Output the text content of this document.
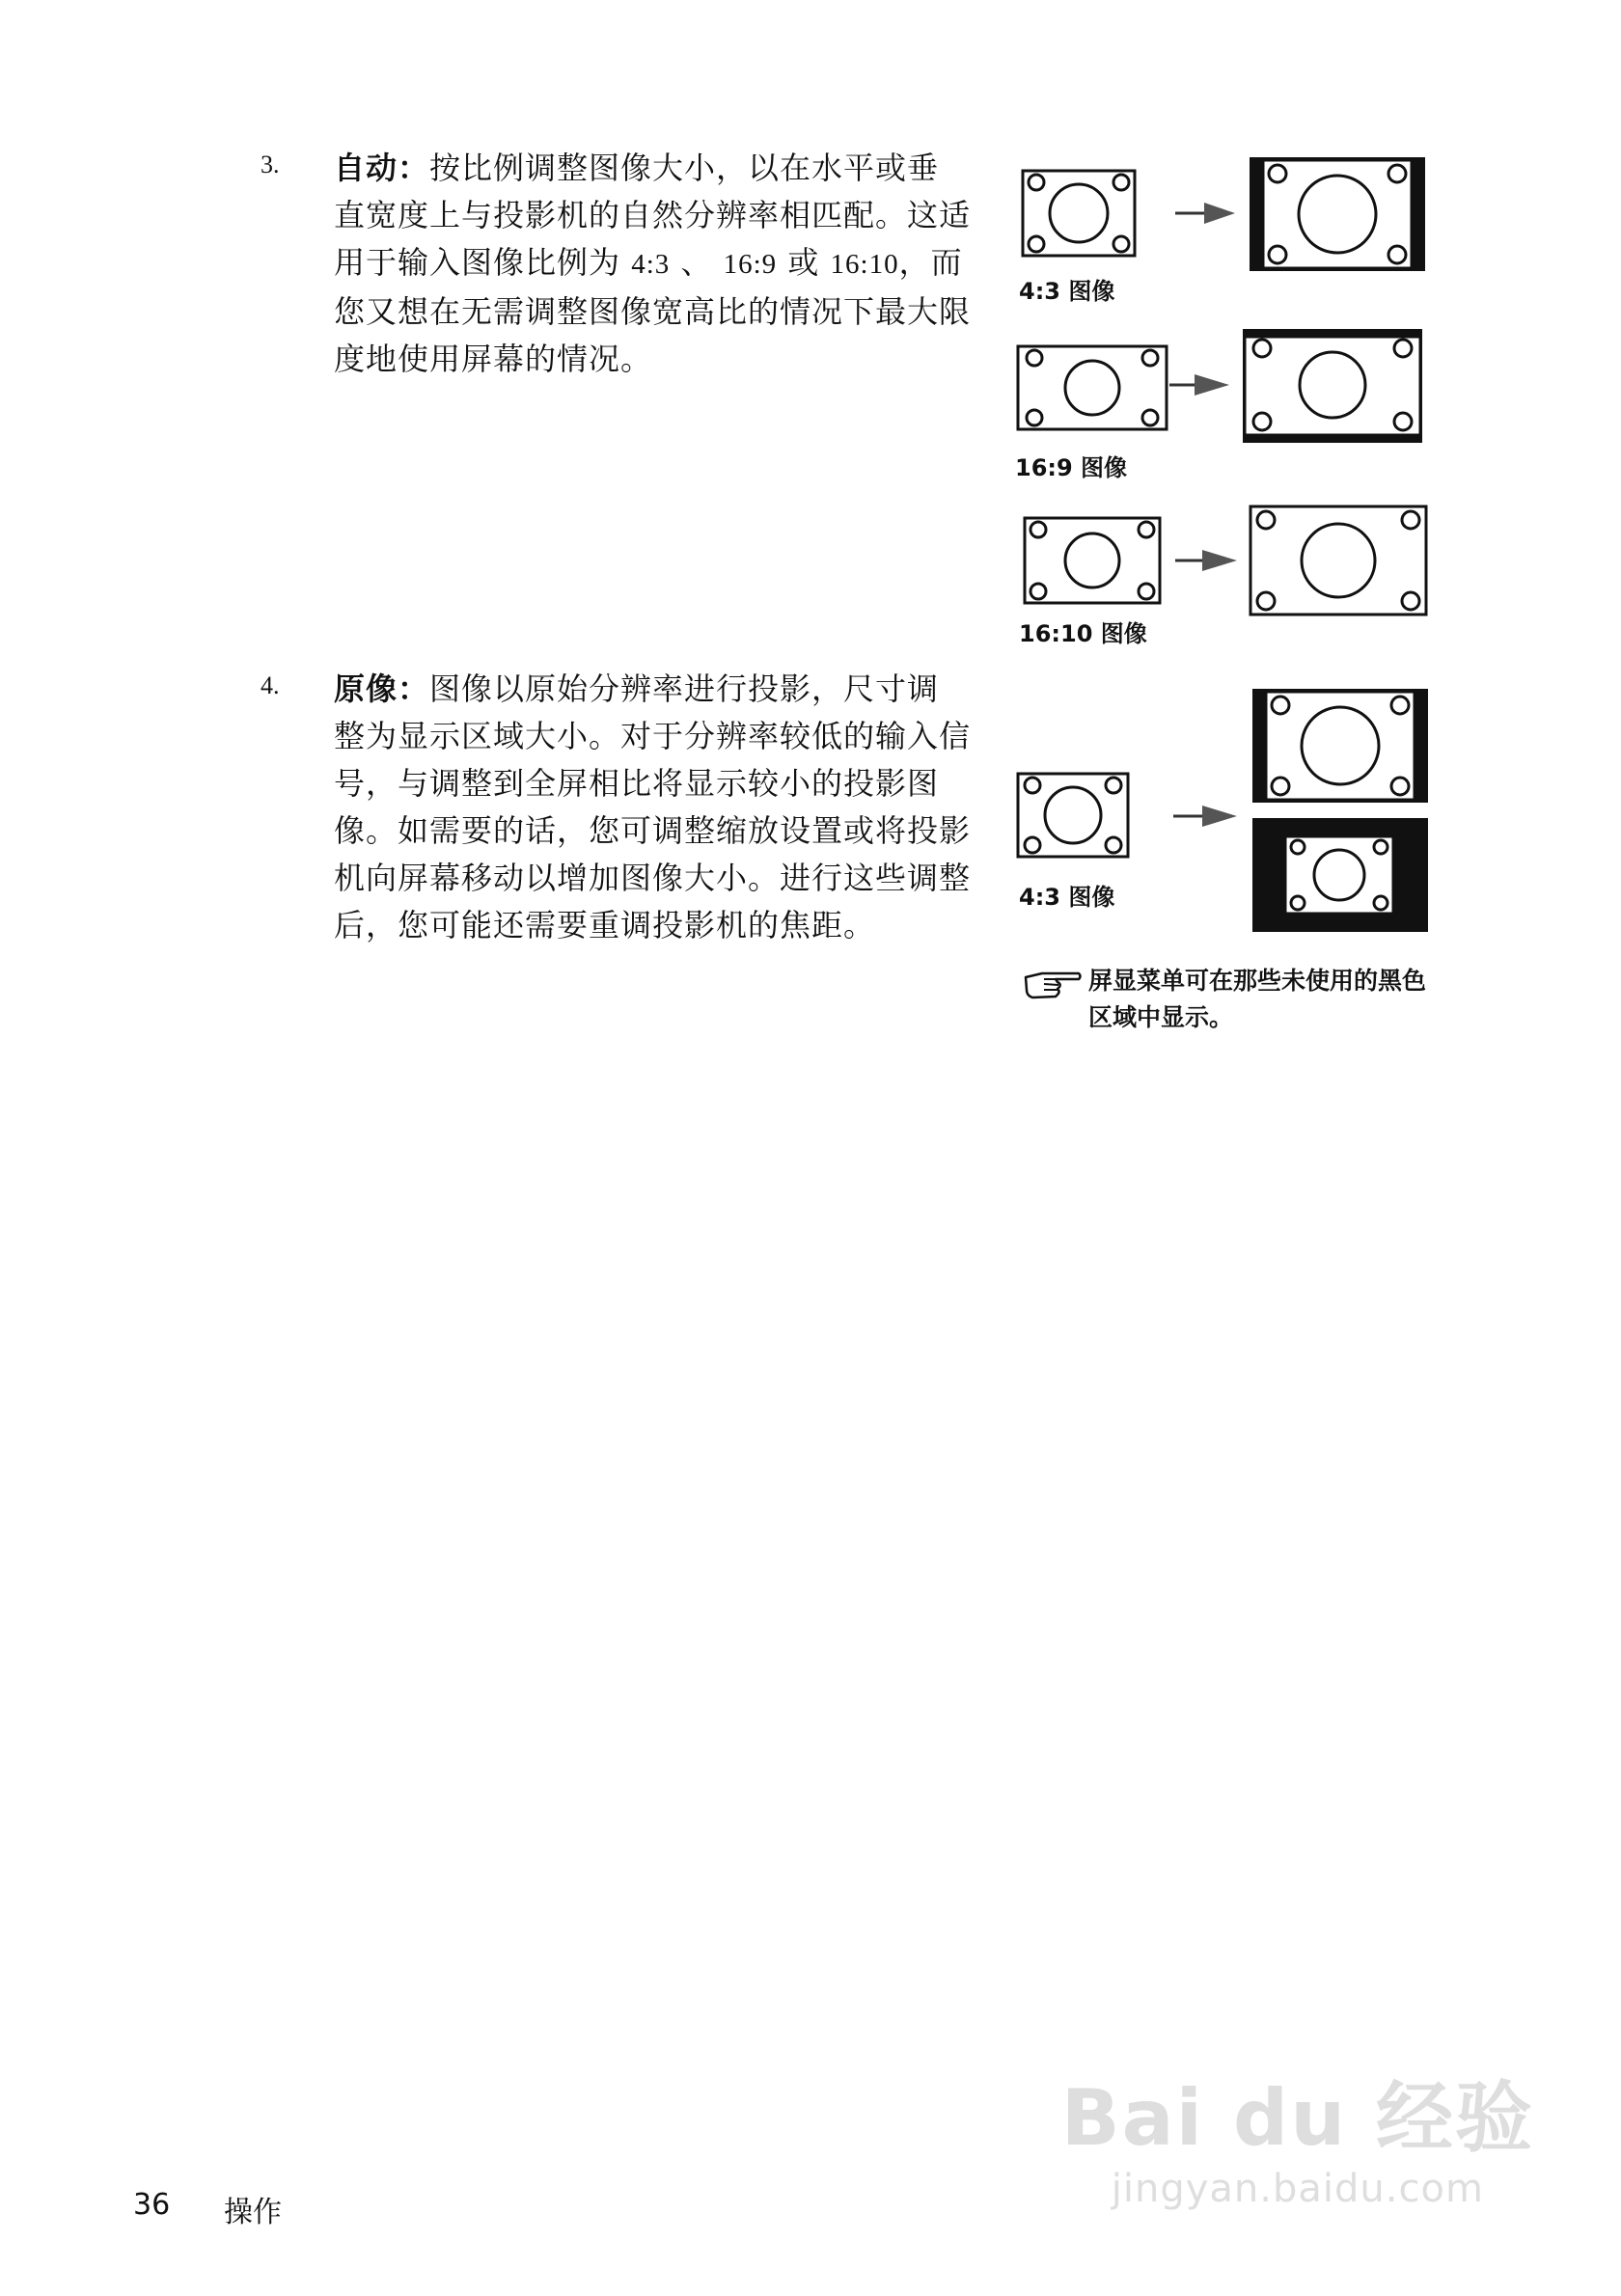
3. 自动：按比例调整图像大小，以在水平或垂直宽度上与投影机的自然分辨率相匹配。这适用于输入图像比例为 4:3 、 16:9 或 16:10，而您又想在无需调整图像宽高比的情况下最大限度地使用屏幕的情况。
4. 原像：图像以原始分辨率进行投影，尺寸调整为显示区域大小。对于分辨率较低的输入信号，与调整到全屏相比将显示较小的投影图像。如需要的话，您可调整缩放设置或将投影机向屏幕移动以增加图像大小。进行这些调整后，您可能还需要重调投影机的焦距。
4:3 图像
16:9 图像
16:10 图像
4:3 图像
屏显菜单可在那些未使用的黑色区域中显示。
36 操作
Bai du 经验
jingyan.baidu.com
